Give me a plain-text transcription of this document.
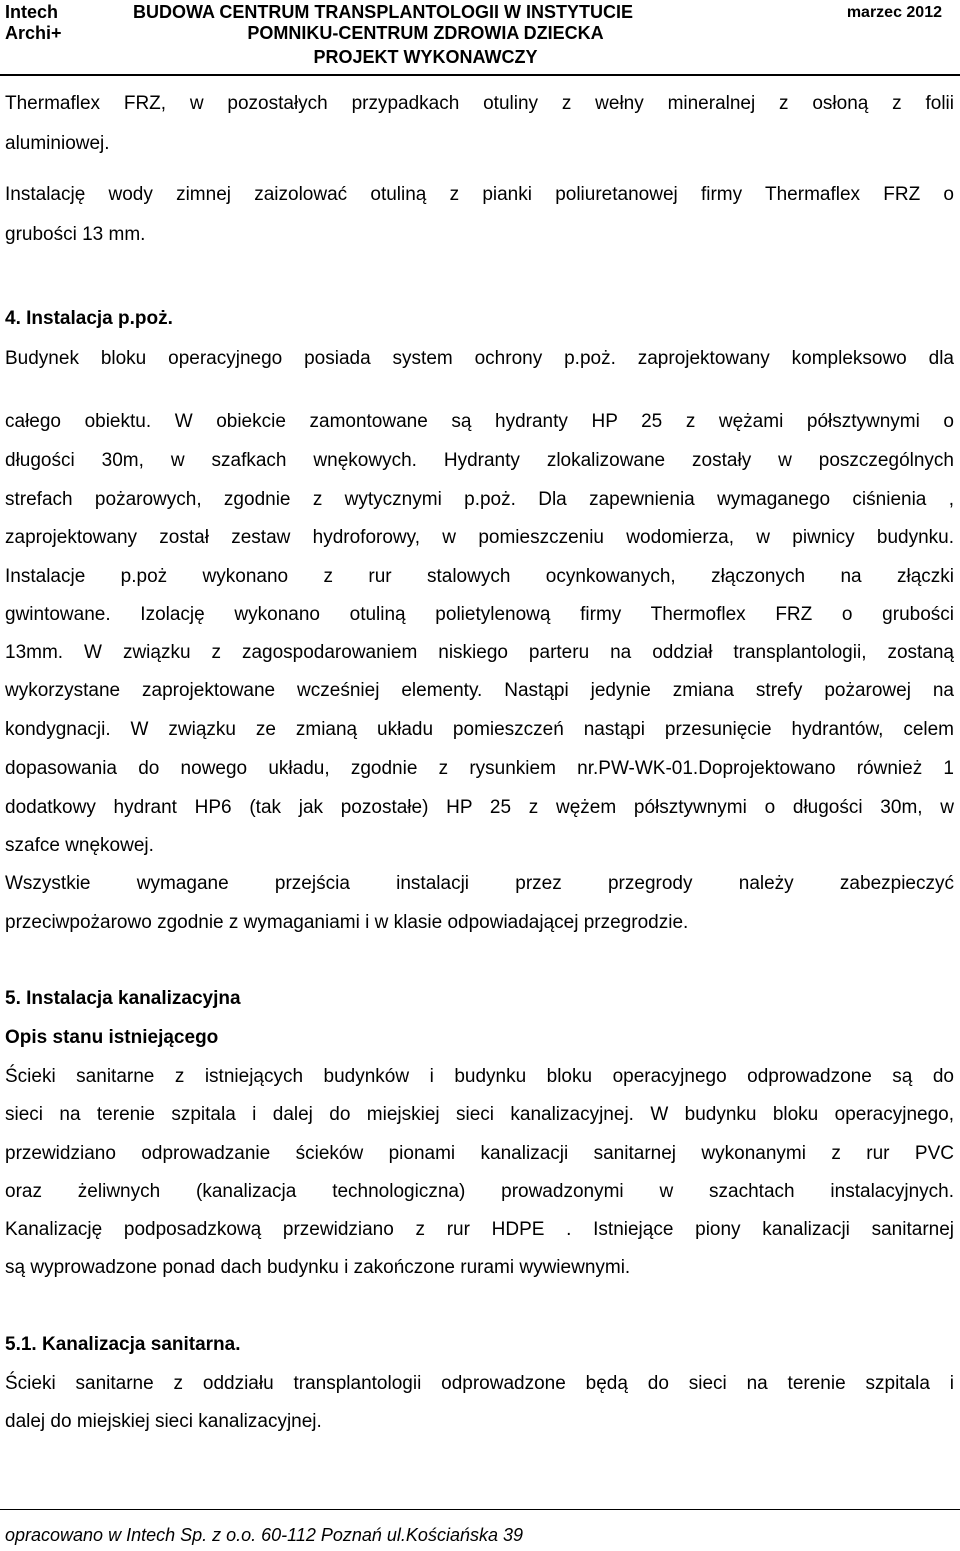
Intech
Archi+
BUDOWA CENTRUM TRANSPLANTOLOGII W INSTYTUCIE
POMNIKU-CENTRUM ZDROWIA DZIECKA
PROJEKT WYKONAWCZY
marzec 2012
Thermaflex FRZ, w pozostałych przypadkach otuliny z wełny mineralnej z osłoną z folii
aluminiowej.
Instalację wody zimnej zaizolować otuliną z pianki poliuretanowej firmy Thermaflex FRZ o
grubości 13 mm.
4. Instalacja p.poż.
Budynek bloku operacyjnego posiada system ochrony p.poż. zaprojektowany kompleksowo dla
całego obiektu. W obiekcie zamontowane są hydranty HP 25 z wężami półsztywnymi o
długości 30m, w szafkach wnękowych. Hydranty zlokalizowane zostały w poszczególnych
strefach pożarowych, zgodnie z wytycznymi p.poż. Dla zapewnienia wymaganego ciśnienia ,
zaprojektowany został zestaw hydroforowy, w pomieszczeniu wodomierza, w piwnicy budynku.
Instalacje p.poż wykonano z rur stalowych ocynkowanych, złączonych na złączki
gwintowane. Izolację wykonano otuliną polietylenową firmy Thermoflex FRZ o grubości
13mm. W związku z zagospodarowaniem niskiego parteru na oddział transplantologii, zostaną
wykorzystane zaprojektowane wcześniej elementy. Nastąpi jedynie zmiana strefy pożarowej na
kondygnacji. W związku ze zmianą układu pomieszczeń nastąpi przesunięcie hydrantów, celem
dopasowania do nowego układu, zgodnie z rysunkiem nr.PW-WK-01.Doprojektowano również 1
dodatkowy hydrant HP6 (tak jak pozostałe) HP 25 z wężem półsztywnymi o długości 30m, w
szafce wnękowej.
Wszystkie wymagane przejścia instalacji przez przegrody należy zabezpieczyć
przeciwpożarowo zgodnie z wymaganiami i w klasie odpowiadającej przegrodzie.
5. Instalacja kanalizacyjna
Opis stanu istniejącego
Ścieki sanitarne z istniejących budynków i budynku bloku operacyjnego odprowadzone są do
sieci na terenie szpitala i dalej do miejskiej sieci kanalizacyjnej. W budynku bloku operacyjnego,
przewidziano odprowadzanie ścieków pionami kanalizacji sanitarnej wykonanymi z rur PVC
oraz żeliwnych (kanalizacja technologiczna) prowadzonymi w szachtach instalacyjnych.
Kanalizację podposadzkową przewidziano z rur HDPE . Istniejące piony kanalizacji sanitarnej
są wyprowadzone ponad dach budynku i zakończone rurami wywiewnymi.
5.1. Kanalizacja sanitarna.
Ścieki sanitarne z oddziału transplantologii odprowadzone będą do sieci na terenie szpitala i
dalej do miejskiej sieci kanalizacyjnej.
opracowano w Intech Sp. z o.o. 60-112 Poznań ul.Kościańska 39
